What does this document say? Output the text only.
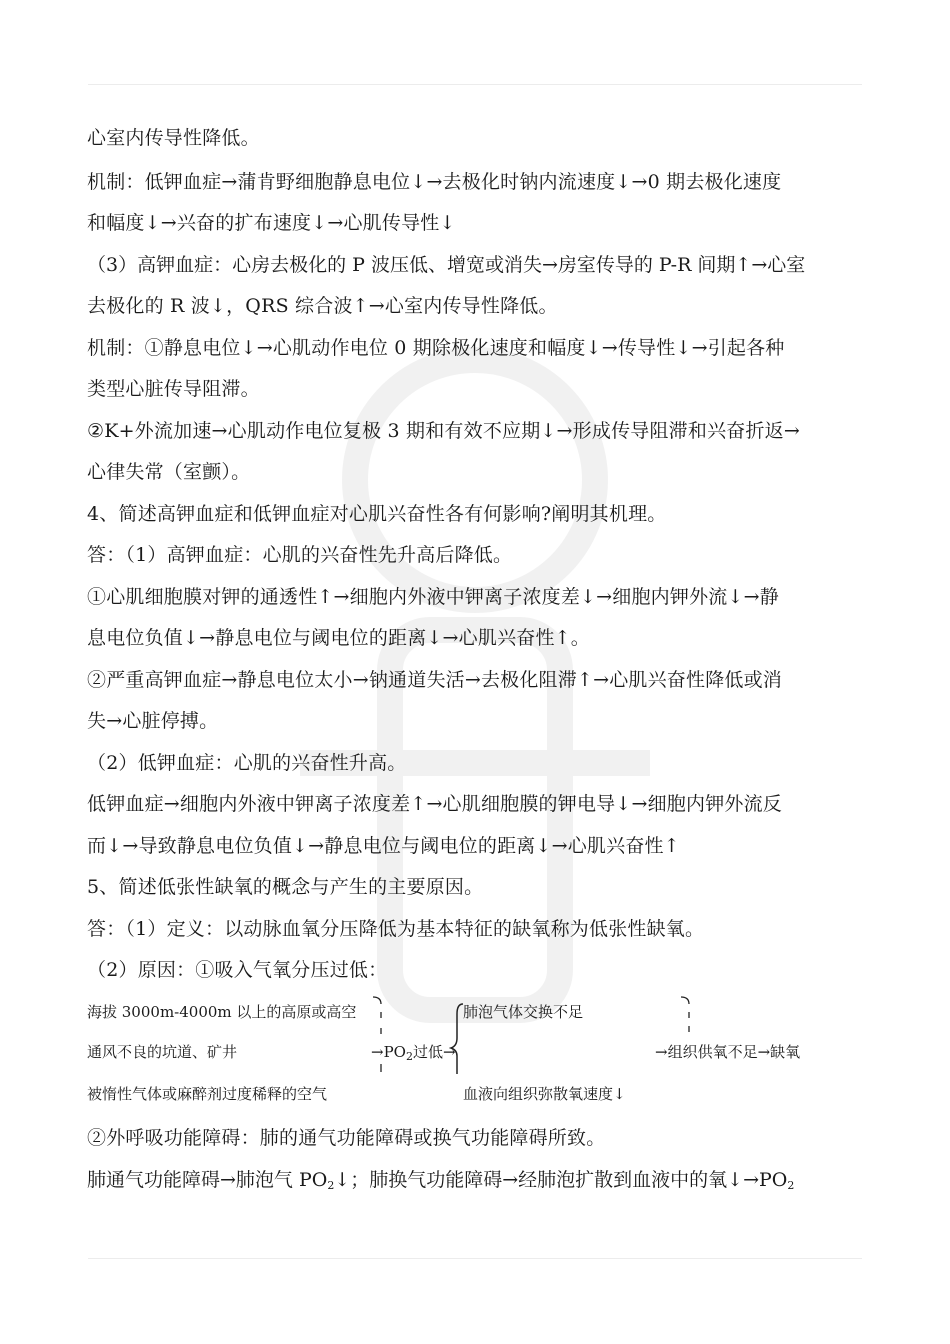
心室内传导性降低。
机制：低钾血症→蒲肯野细胞静息电位↓→去极化时钠内流速度↓→0 期去极化速度
和幅度↓→兴奋的扩布速度↓→心肌传导性↓
（3）高钾血症：心房去极化的 P 波压低、增宽或消失→房室传导的 P-R 间期↑→心室
去极化的 R 波↓，QRS 综合波↑→心室内传导性降低。
机制：①静息电位↓→心肌动作电位 0 期除极化速度和幅度↓→传导性↓→引起各种
类型心脏传导阻滞。
②K+外流加速→心肌动作电位复极 3 期和有效不应期↓→形成传导阻滞和兴奋折返→
心律失常（室颤）。
4、简述高钾血症和低钾血症对心肌兴奋性各有何影响?阐明其机理。
答：（1）高钾血症：心肌的兴奋性先升高后降低。
①心肌细胞膜对钾的通透性↑→细胞内外液中钾离子浓度差↓→细胞内钾外流↓→静
息电位负值↓→静息电位与阈电位的距离↓→心肌兴奋性↑。
②严重高钾血症→静息电位太小→钠通道失活→去极化阻滞↑→心肌兴奋性降低或消
失→心脏停搏。
（2）低钾血症：心肌的兴奋性升高。
低钾血症→细胞内外液中钾离子浓度差↑→心肌细胞膜的钾电导↓→细胞内钾外流反
而↓→导致静息电位负值↓→静息电位与阈电位的距离↓→心肌兴奋性↑
5、简述低张性缺氧的概念与产生的主要原因。
答：（1）定义：以动脉血氧分压降低为基本特征的缺氧称为低张性缺氧。
（2）原因：①吸入气氧分压过低：
海拔 3000m-4000m 以上的高原或高空
通风不良的坑道、矿井
被惰性气体或麻醉剂过度稀释的空气
$\to PO_2$过低→
肺泡气体交换不足
血液向组织弥散氧速度↓
→组织供氧不足→缺氧
②外呼吸功能障碍：肺的通气功能障碍或换气功能障碍所致。
肺通气功能障碍→肺泡气 $PO_2↓$；肺换气功能障碍→经肺泡扩散到血液中的氧$↓\to PO_2$
